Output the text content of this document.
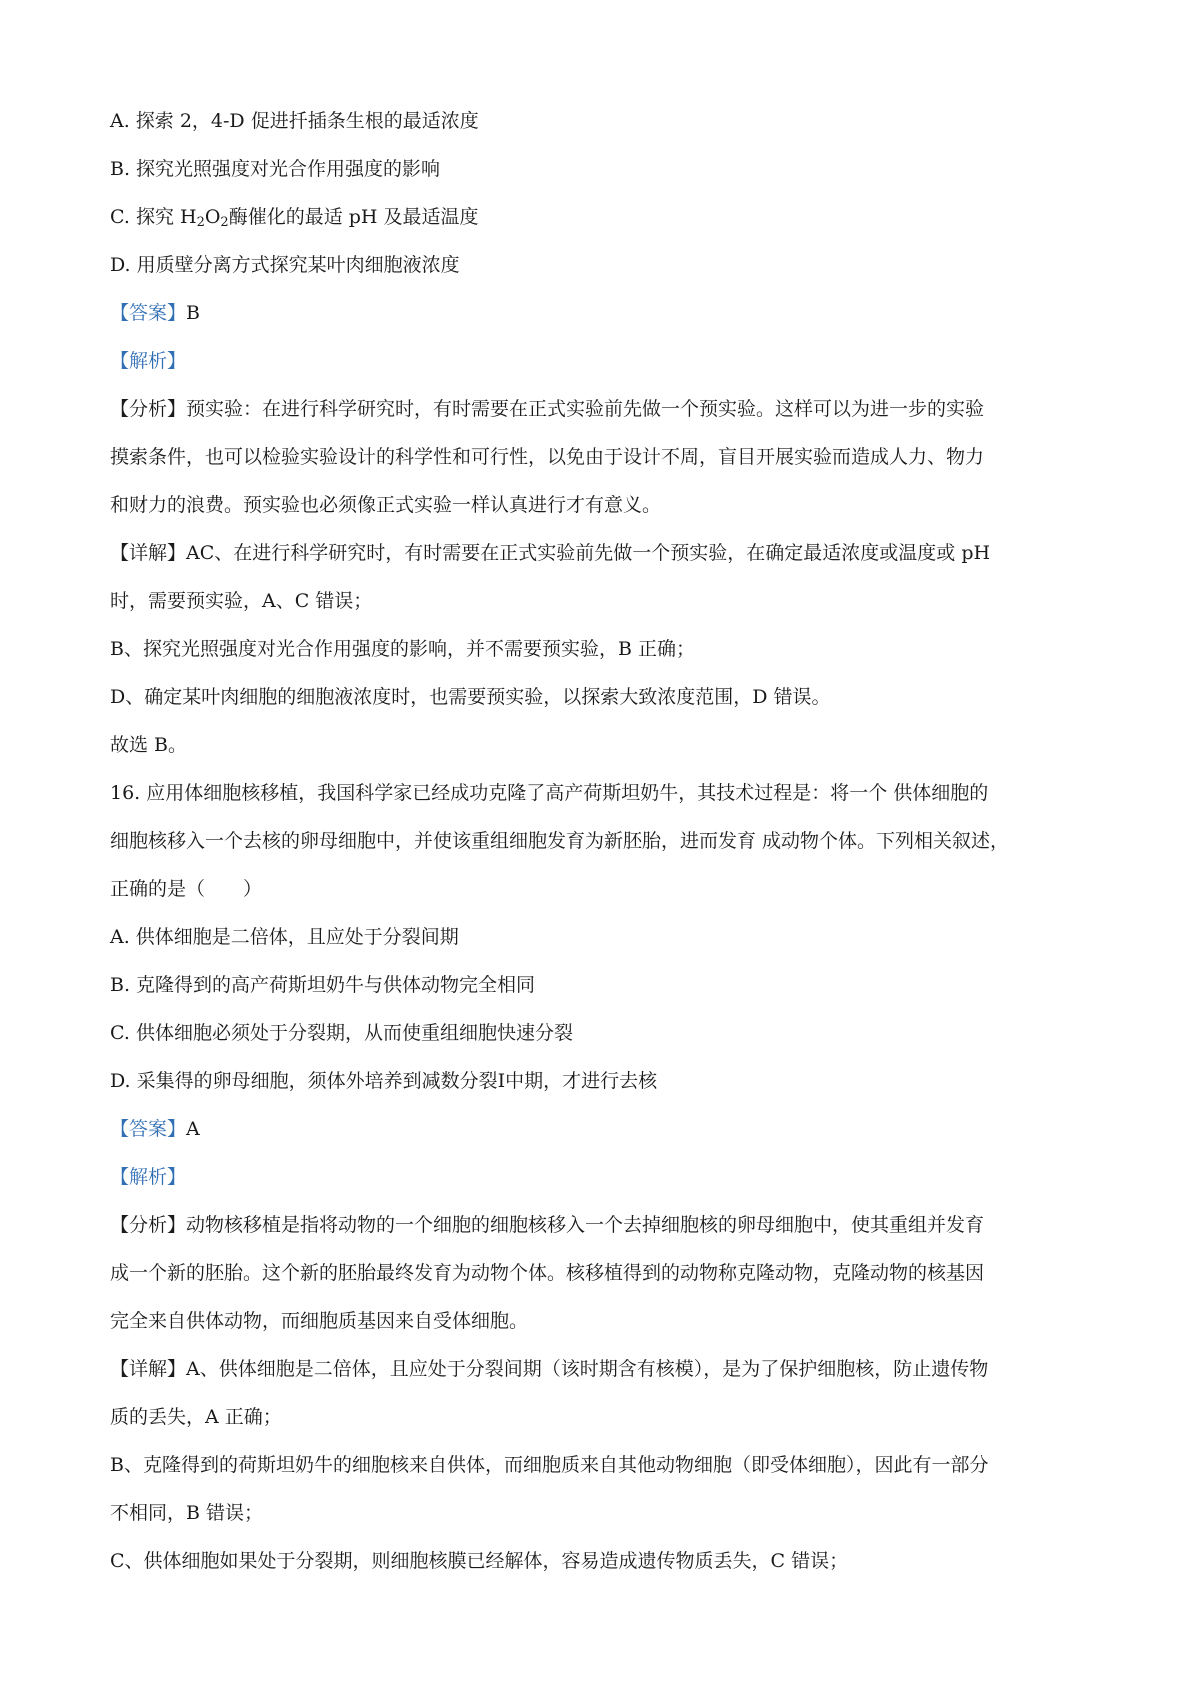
A. 探索 2，4-D 促进扦插条生根的最适浓度
B. 探究光照强度对光合作用强度的影响
C. 探究 $H_2O_2$酶催化的最适 pH 及最适温度
D. 用质壁分离方式探究某叶肉细胞液浓度
【答案】B
【解析】
【分析】预实验：在进行科学研究时，有时需要在正式实验前先做一个预实验。这样可以为进一步的实验
摸索条件，也可以检验实验设计的科学性和可行性，以免由于设计不周，盲目开展实验而造成人力、物力
和财力的浪费。预实验也必须像正式实验一样认真进行才有意义。
【详解】AC、在进行科学研究时，有时需要在正式实验前先做一个预实验，在确定最适浓度或温度或 pH
时，需要预实验，A、C 错误；
B、探究光照强度对光合作用强度的影响，并不需要预实验，B 正确；
D、确定某叶肉细胞的细胞液浓度时，也需要预实验，以探索大致浓度范围，D 错误。
故选 B。
16. 应用体细胞核移植，我国科学家已经成功克隆了高产荷斯坦奶牛，其技术过程是：将一个 供体细胞的
细胞核移入一个去核的卵母细胞中，并使该重组细胞发育为新胚胎，进而发育 成动物个体。下列相关叙述，
正确的是（　　）
A. 供体细胞是二倍体，且应处于分裂间期
B. 克隆得到的高产荷斯坦奶牛与供体动物完全相同
C. 供体细胞必须处于分裂期，从而使重组细胞快速分裂
D. 采集得的卵母细胞，须体外培养到减数分裂Ⅰ中期，才进行去核
【答案】A
【解析】
【分析】动物核移植是指将动物的一个细胞的细胞核移入一个去掉细胞核的卵母细胞中，使其重组并发育
成一个新的胚胎。这个新的胚胎最终发育为动物个体。核移植得到的动物称克隆动物，克隆动物的核基因
完全来自供体动物，而细胞质基因来自受体细胞。
【详解】A、供体细胞是二倍体，且应处于分裂间期（该时期含有核模），是为了保护细胞核，防止遗传物
质的丢失，A 正确；
B、克隆得到的荷斯坦奶牛的细胞核来自供体，而细胞质来自其他动物细胞（即受体细胞），因此有一部分
不相同，B 错误；
C、供体细胞如果处于分裂期，则细胞核膜已经解体，容易造成遗传物质丢失，C 错误；
